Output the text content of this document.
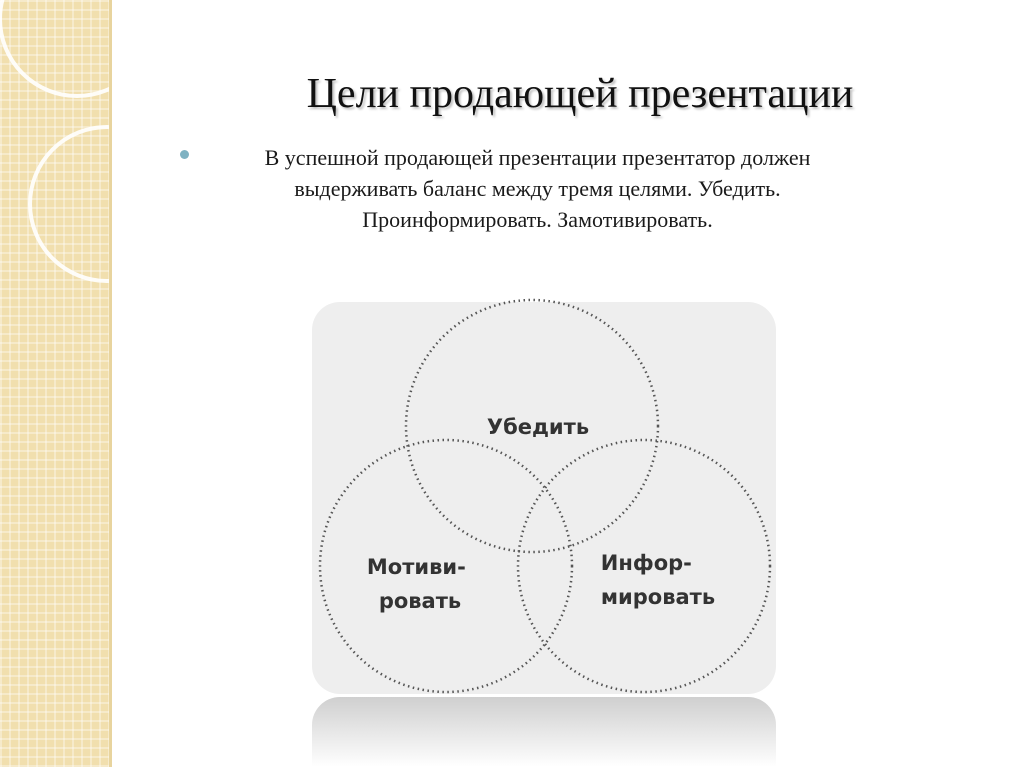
Цели продающей презентации
В успешной продающей презентации презентатор должен выдерживать баланс между тремя целями. Убедить. Проинформировать. Замотивировать.
Убедить
Мотиви- ровать
Инфор- мировать
